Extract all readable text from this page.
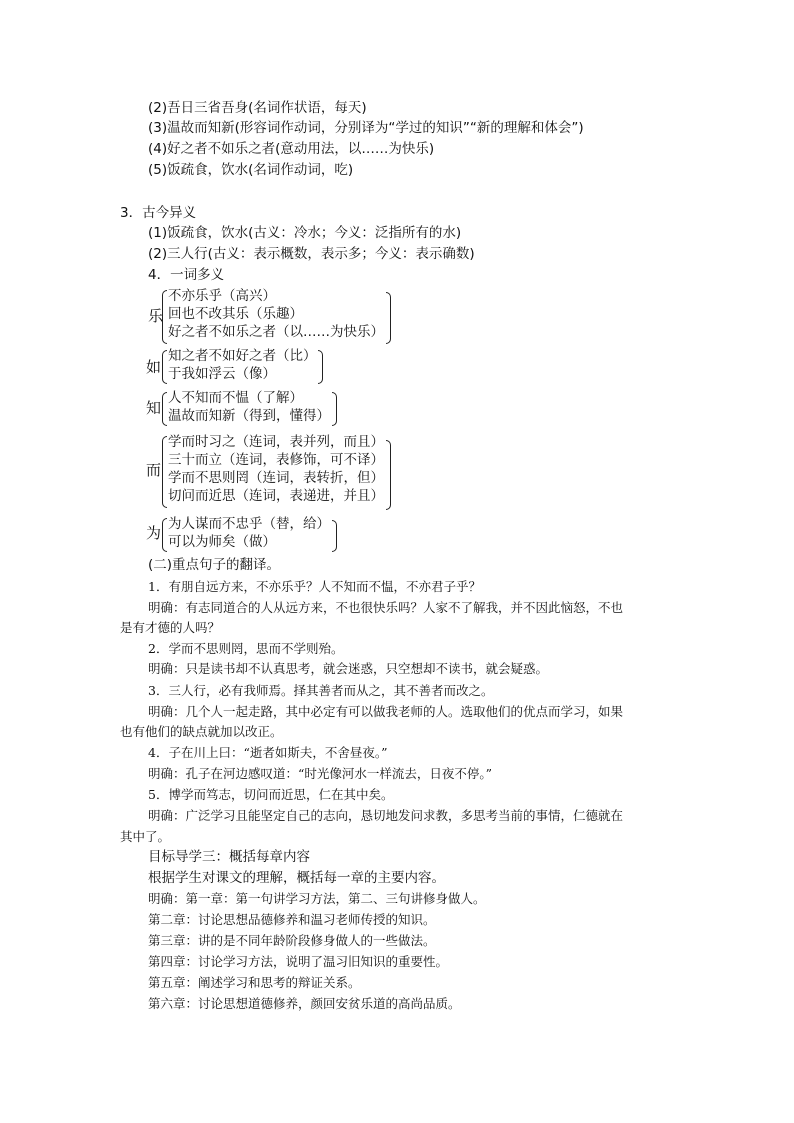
(2)吾日三省吾身(名词作状语，每天)
(3)温故而知新(形容词作动词，分别译为“学过的知识”“新的理解和体会”)
(4)好之者不如乐之者(意动用法，以……为快乐)
(5)饭疏食，饮水(名词作动词，吃)
3．古今异义
(1)饭疏食，饮水(古义：冷水；今义：泛指所有的水)
(2)三人行(古义：表示概数，表示多；今义：表示确数)
4．一词多义
乐
不亦乐乎（高兴）
回也不改其乐（乐趣）
好之者不如乐之者（以……为快乐）
如
知之者不如好之者（比）
于我如浮云（像）
知
人不知而不愠（了解）
温故而知新（得到，懂得）
而
学而时习之（连词，表并列，而且）
三十而立（连词，表修饰，可不译）
学而不思则罔（连词，表转折，但）
切问而近思（连词，表递进，并且）
为 为人谋而不忠乎（替，给）
可以为师矣（做）
(二)重点句子的翻译。
1．有朋自远方来，不亦乐乎？人不知而不愠，不亦君子乎？
明确：有志同道合的人从远方来，不也很快乐吗？人家不了解我，并不因此恼怒，不也
是有才德的人吗？
2．学而不思则罔，思而不学则殆。
明确：只是读书却不认真思考，就会迷惑，只空想却不读书，就会疑惑。
3．三人行，必有我师焉。择其善者而从之，其不善者而改之。
明确：几个人一起走路，其中必定有可以做我老师的人。选取他们的优点而学习，如果
也有他们的缺点就加以改正。
4．子在川上曰：“逝者如斯夫，不舍昼夜。”
明确：孔子在河边感叹道：“时光像河水一样流去，日夜不停。”
5．博学而笃志，切问而近思，仁在其中矣。
明确：广泛学习且能坚定自己的志向，恳切地发问求教，多思考当前的事情，仁德就在
其中了。
目标导学三：概括每章内容
根据学生对课文的理解，概括每一章的主要内容。
明确：第一章：第一句讲学习方法，第二、三句讲修身做人。
第二章：讨论思想品德修养和温习老师传授的知识。
第三章：讲的是不同年龄阶段修身做人的一些做法。
第四章：讨论学习方法，说明了温习旧知识的重要性。
第五章：阐述学习和思考的辩证关系。
第六章：讨论思想道德修养，颜回安贫乐道的高尚品质。
